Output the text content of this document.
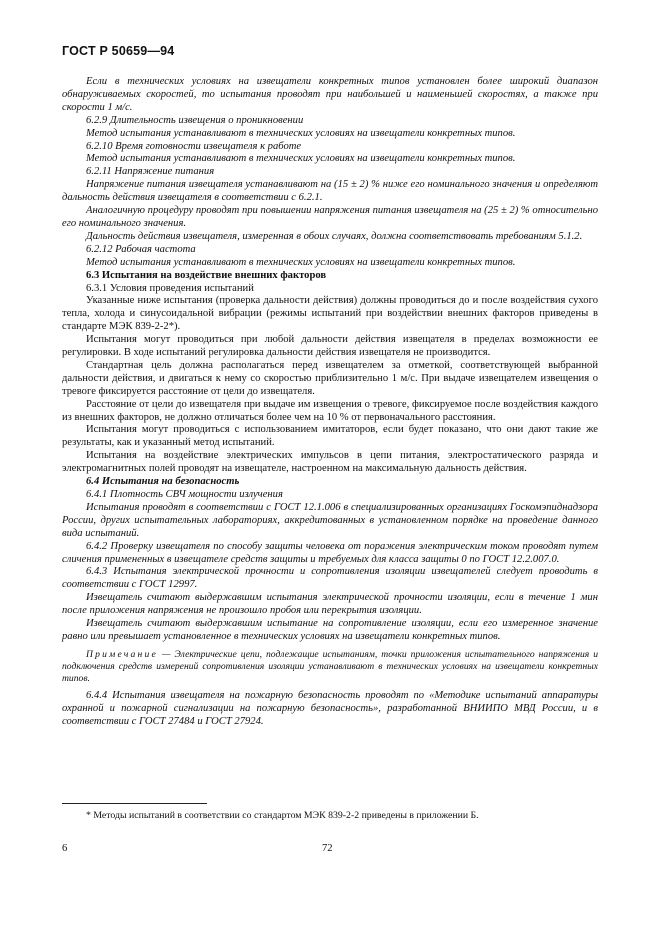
ГОСТ Р 50659—94

Если в технических условиях на извещатели конкретных типов установлен более широкий диапазон обнаруживаемых скоростей, то испытания проводят при наибольшей и наименьшей скоростях, а также при скорости 1 м/с.

6.2.9 Длительность извещения о проникновении

Метод испытания устанавливают в технических условиях на извещатели конкретных типов.

6.2.10 Время готовности извещателя к работе

Метод испытания устанавливают в технических условиях на извещатели конкретных типов.

6.2.11 Напряжение питания

Напряжение питания извещателя устанавливают на (15 ± 2) % ниже его номинального значения и определяют дальность действия извещателя в соответствии с 6.2.1.

Аналогичную процедуру проводят при повышении напряжения питания извещателя на (25 ± 2) % относительно его номинального значения.

Дальность действия извещателя, измеренная в обоих случаях, должна соответствовать требованиям 5.1.2.

6.2.12 Рабочая частота

Метод испытания устанавливают в технических условиях на извещатели конкретных типов.

6.3 Испытания на воздействие внешних факторов

6.3.1 Условия проведения испытаний

Указанные ниже испытания (проверка дальности действия) должны проводиться до и после воздействия сухого тепла, холода и синусоидальной вибрации (режимы испытаний при воздействии внешних факторов приведены в стандарте МЭК 839-2-2*).

Испытания могут проводиться при любой дальности действия извещателя в пределах возможности ее регулировки. В ходе испытаний регулировка дальности действия извещателя не производится.

Стандартная цель должна располагаться перед извещателем за отметкой, соответствующей выбранной дальности действия, и двигаться к нему со скоростью приблизительно 1 м/с. При выдаче извещателем извещения о тревоге фиксируется расстояние от цели до извещателя.

Расстояние от цели до извещателя при выдаче им извещения о тревоге, фиксируемое после воздействия каждого из внешних факторов, не должно отличаться более чем на 10 % от первоначального расстояния.

Испытания могут проводиться с использованием имитаторов, если будет показано, что они дают такие же результаты, как и указанный метод испытаний.

Испытания на воздействие электрических импульсов в цепи питания, электростатического разряда и электромагнитных полей проводят на извещателе, настроенном на максимальную дальность действия.

6.4 Испытания на безопасность

6.4.1 Плотность СВЧ мощности излучения

Испытания проводят в соответствии с ГОСТ 12.1.006 в специализированных организациях Госкомэпиднадзора России, других испытательных лабораториях, аккредитованных в установленном порядке на проведение данного вида испытаний.

6.4.2 Проверку извещателя по способу защиты человека от поражения электрическим током проводят путем сличения примененных в извещателе средств защиты и требуемых для класса защиты 0 по ГОСТ 12.2.007.0.

6.4.3 Испытания электрической прочности и сопротивления изоляции извещателей следует проводить в соответствии с ГОСТ 12997.

Извещатель считают выдержавшим испытания электрической прочности изоляции, если в течение 1 мин после приложения напряжения не произошло пробоя или перекрытия изоляции.

Извещатель считают выдержавшим испытание на сопротивление изоляции, если его измеренное значение равно или превышает установленное в технических условиях на извещатели конкретных типов.

Примечание — Электрические цепи, подлежащие испытаниям, точки приложения испытательного напряжения и подключения средств измерений сопротивления изоляции устанавливают в технических условиях на извещатели конкретных типов.

6.4.4 Испытания извещателя на пожарную безопасность проводят по «Методике испытаний аппаратуры охранной и пожарной сигнализации на пожарную безопасность», разработанной ВНИИПО МВД России, и в соответствии с ГОСТ 27484 и ГОСТ 27924.

* Методы испытаний в соответствии со стандартом МЭК 839-2-2 приведены в приложении Б.
6	72
